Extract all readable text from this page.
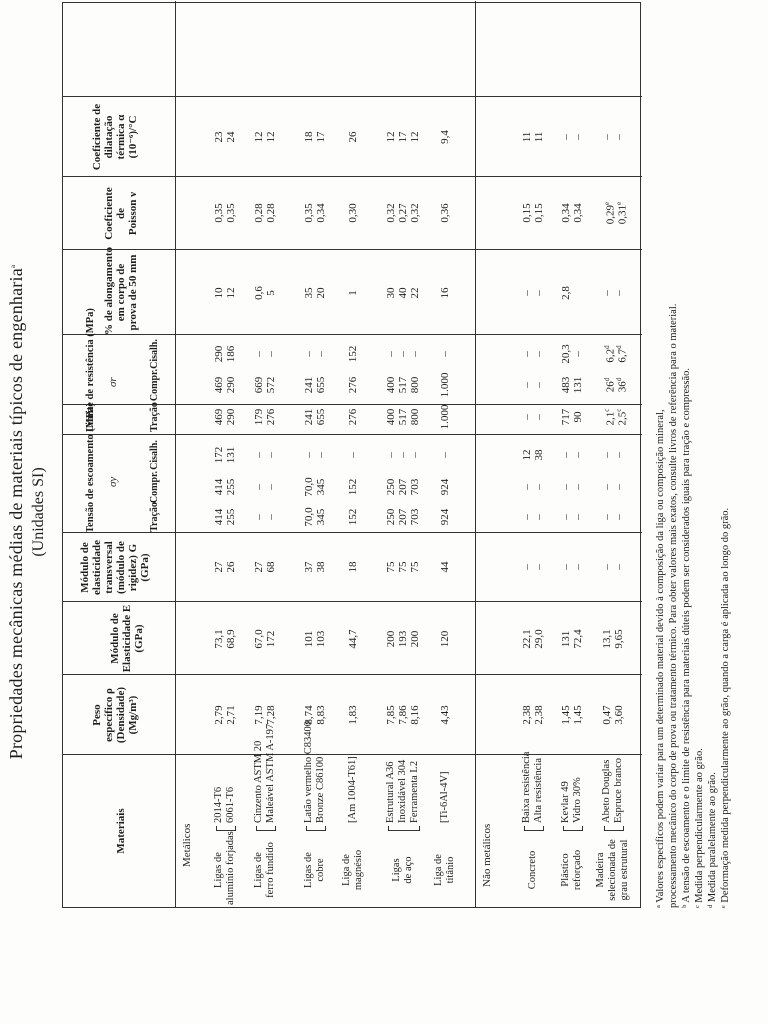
Propriedades mecânicas médias de materiais típicos de engenharia$^a$
(Unidades SI)
Materiais
Peso específico ρ (Densidade) (Mg/m³)
Módulo de Elasticidade E (GPa)
Módulo de elasticidade transversal (módulo de rigidez) G (GPa)
Tensão de escoamento (MPa) σy
Limite de resistência (MPa) σr
Tração
Compr.
Cisalh.
Tração
Compr.
Cisalh.
% de alongamento em corpo de prova de 50 mm
Coeficiente de Poisson ν
Coeficiente de dilatação térmica α (10⁻⁶)/°C
Metálicos	Não metálicos
Ligas de alumínio forjadas
2014-T6
2,79
73,1
27
414
414
172
469
469
290
10
0,35
23
6061-T6
2,71
68,9
26
255
255
131
290
290
186
12
0,35
24
Ligas de ferro fundido
Cinzento ASTM 20
7,19
67,0
27
–
–
–
179
669
–
0,6
0,28
12
Maleável ASTM A-197
7,28
172
68
–
–
–
276
572
–
5
0,28
12
Ligas de cobre
Latão vermelho C83400
8,74
101
37
70,0
70,0
–
241
241
–
35
0,35
18
Bronze C86100
8,83
103
38
345
345
–
655
655
–
20
0,34
17
Liga de magnésio
[Am 1004-T61]
1,83
44,7
18
152
152
–
276
276
152
1
0,30
26
Ligas de aço
Estrutural A36
7,85
200
75
250
250
–
400
400
–
30
0,32
12
Inoxidável 304
7,86
193
75
207
207
–
517
517
–
40
0,27
17
Ferramenta L2
8,16
200
75
703
703
–
800
800
–
22
0,32
12
Liga de titânio
[Ti-6Al-4V]
4,43
120
44
924
924
–
1.000
1.000
–
16
0,36
9,4
Concreto
Baixa resistência
2,38
22,1
–
–
–
12
–
–
–
–
0,15
11
Alta resistência
2,38
29,0
–
–
–
38
–
–
–
–
0,15
11
Plástico reforçado
Kevlar 49
1,45
131
–
–
–
–
717
483
20,3
2,8
0,34
–
Vidro 30%
1,45
72,4
–
–
–
–
90
131
–
0,34
–
Madeira selecionada de grau estrutural
Abeto Douglas
0,47
13,1
–
–
–
–
2,1$^c$
26$^d$
6,2$^d$
–
0,29e
–
Espruce branco
3,60
9,65
–
–
–
–
2,5$^c$
36$^d$
6,7$^d$
–
0,31e
–
ᵃ Valores específicos podem variar para um determinado material devido à composição da liga ou composição mineral, processamento mecânico do corpo de prova ou tratamento térmico. Para obter valores mais exatos, consulte livros de referência para o material. ᵇ A tensão de escoamento e o limite de resistência para materiais dúteis podem ser considerados iguais para tração e compressão. ᶜ Medida perpendicularmente ao grão. ᵈ Medida paralelamente ao grão. ᵉ Deformação medida perpendicularmente ao grão, quando a carga é aplicada ao longo do grão.
